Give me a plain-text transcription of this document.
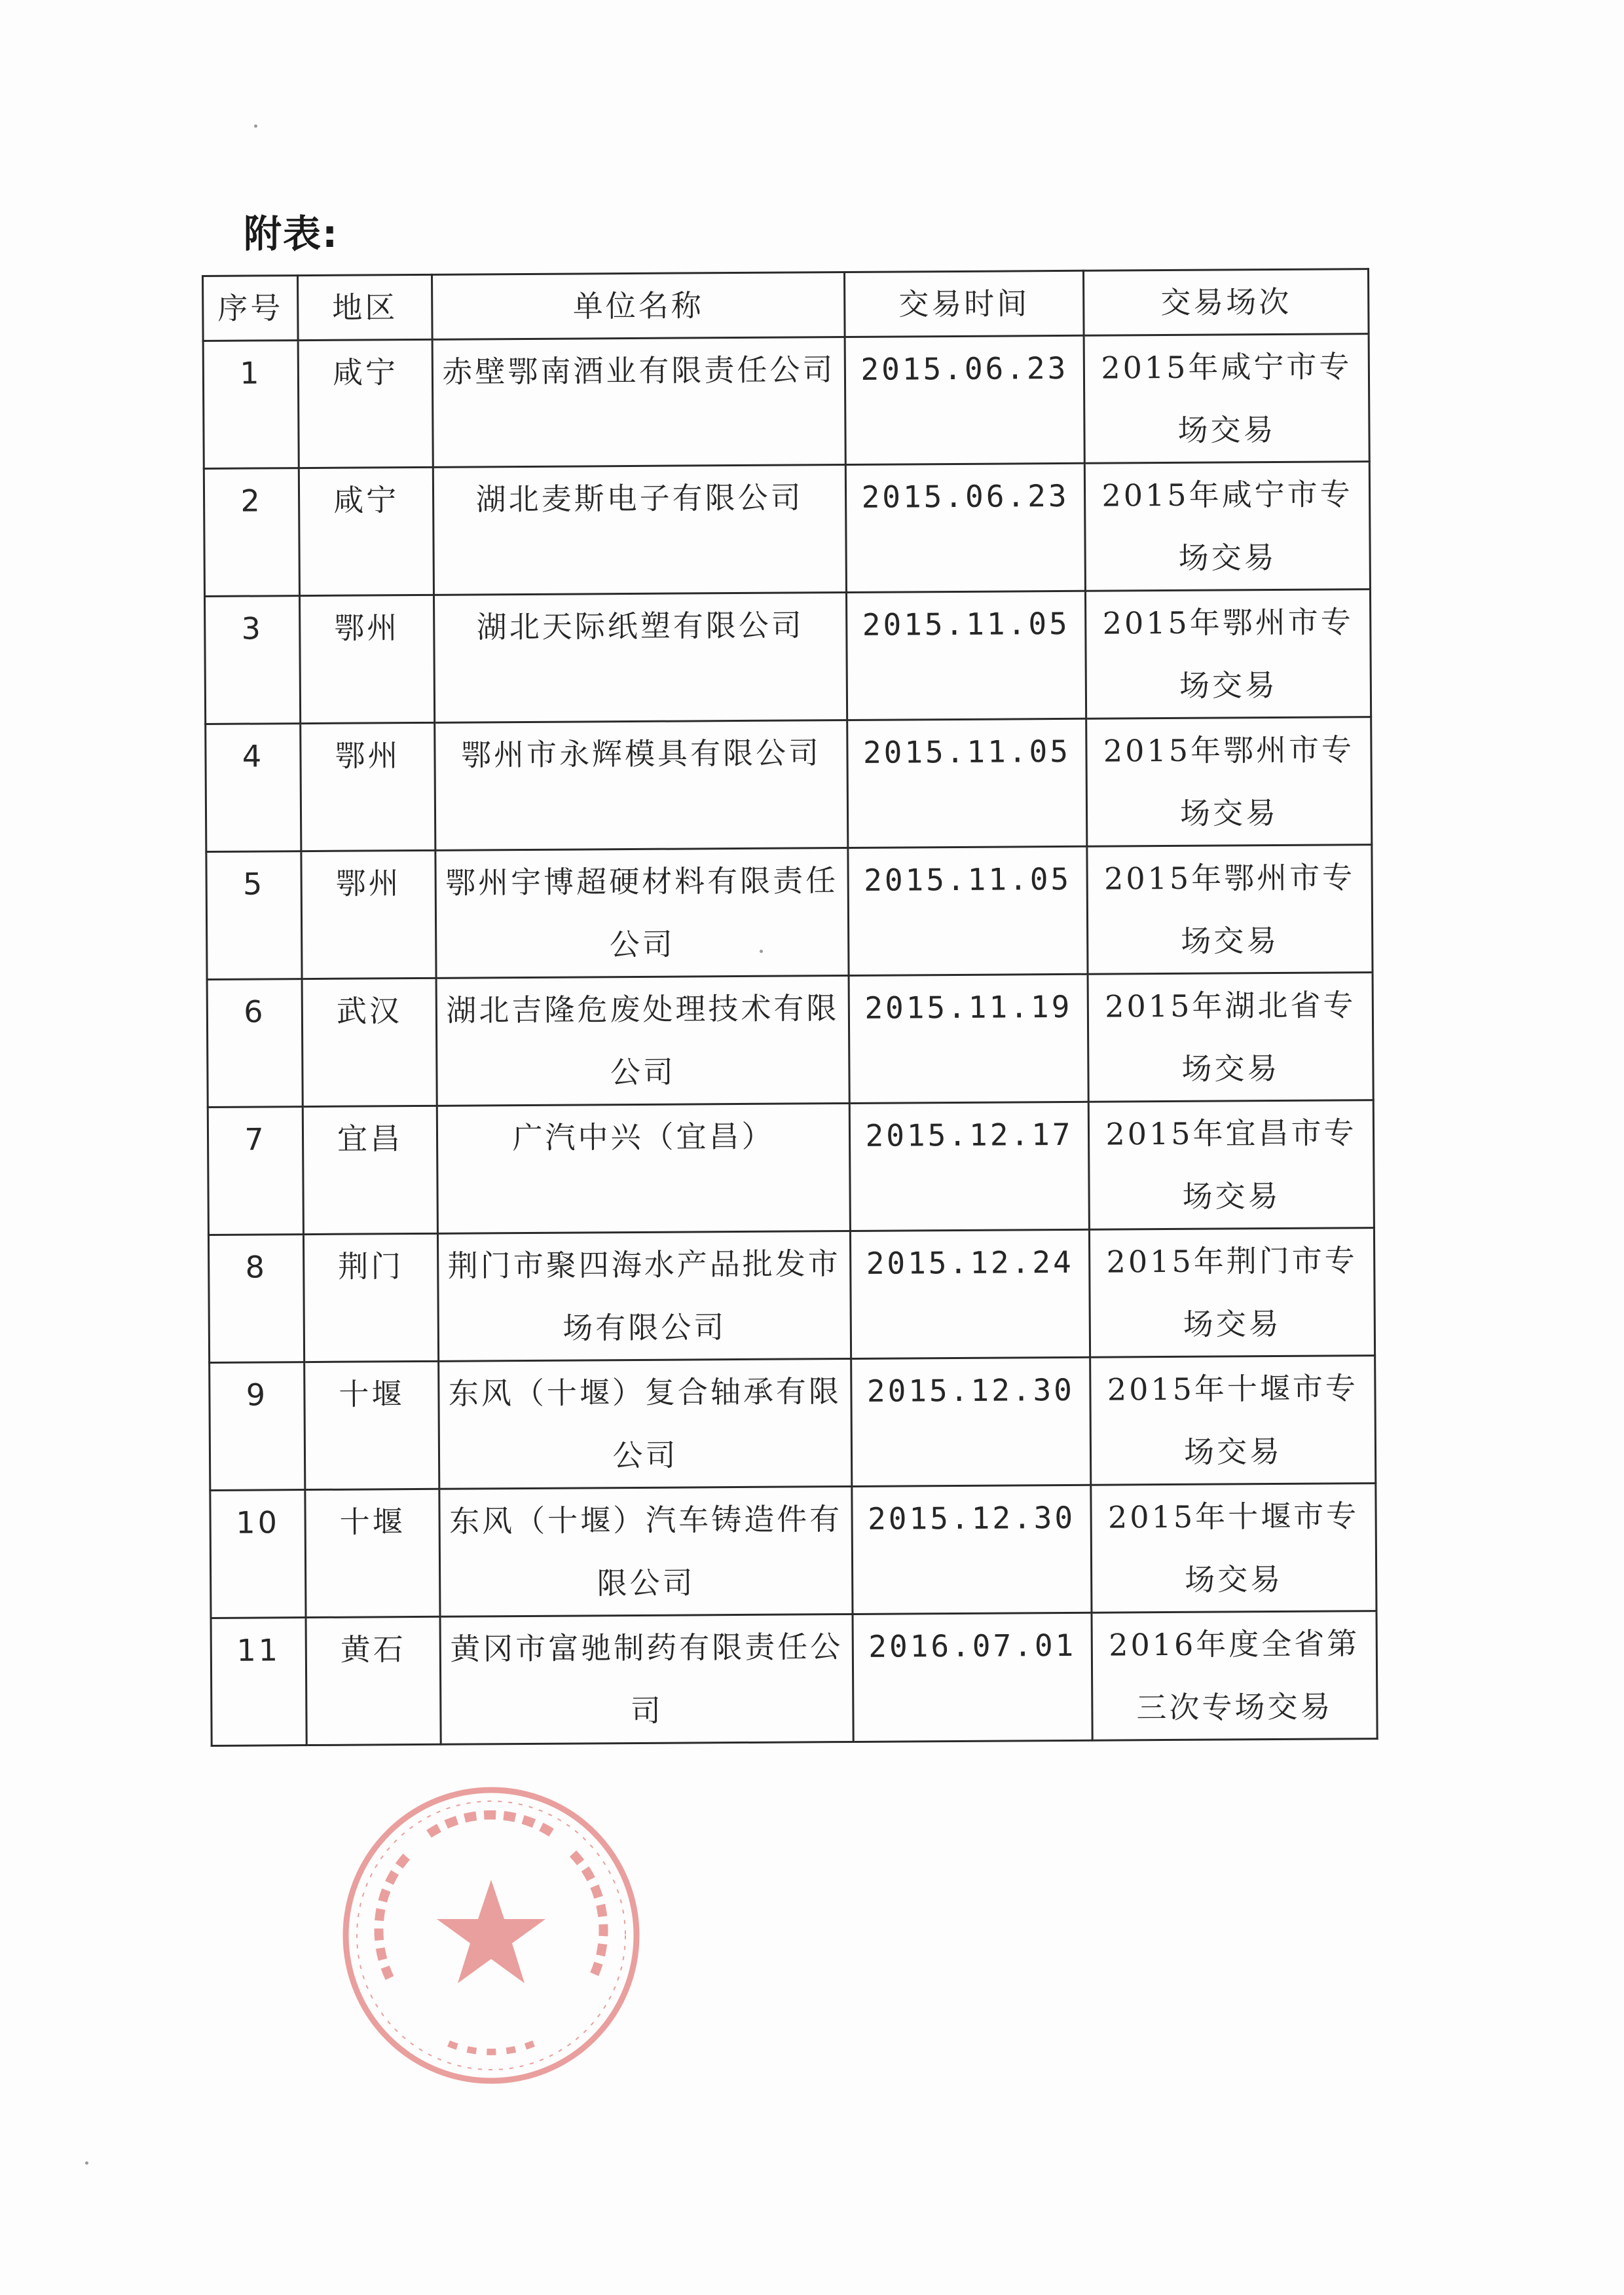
附表:
序号	地区	单位名称	交易时间	交易场次
1	咸宁	赤壁鄂南酒业有限责任公司	2015.06.23	2015年咸宁市专场交易
2	咸宁	湖北麦斯电子有限公司	2015.06.23	2015年咸宁市专场交易
3	鄂州	湖北天际纸塑有限公司	2015.11.05	2015年鄂州市专场交易
4	鄂州	鄂州市永辉模具有限公司	2015.11.05	2015年鄂州市专场交易
5	鄂州	鄂州宇博超硬材料有限责任公司	2015.11.05	2015年鄂州市专场交易
6	武汉	湖北吉隆危废处理技术有限公司	2015.11.19	2015年湖北省专场交易
7	宜昌	广汽中兴（宜昌）	2015.12.17	2015年宜昌市专场交易
8	荆门	荆门市聚四海水产品批发市场有限公司	2015.12.24	2015年荆门市专场交易
9	十堰	东风（十堰）复合轴承有限公司	2015.12.30	2015年十堰市专场交易
10	十堰	东风（十堰）汽车铸造件有限公司	2015.12.30	2015年十堰市专场交易
11	黄石	黄冈市富驰制药有限责任公司	2016.07.01	2016年度全省第三次专场交易
